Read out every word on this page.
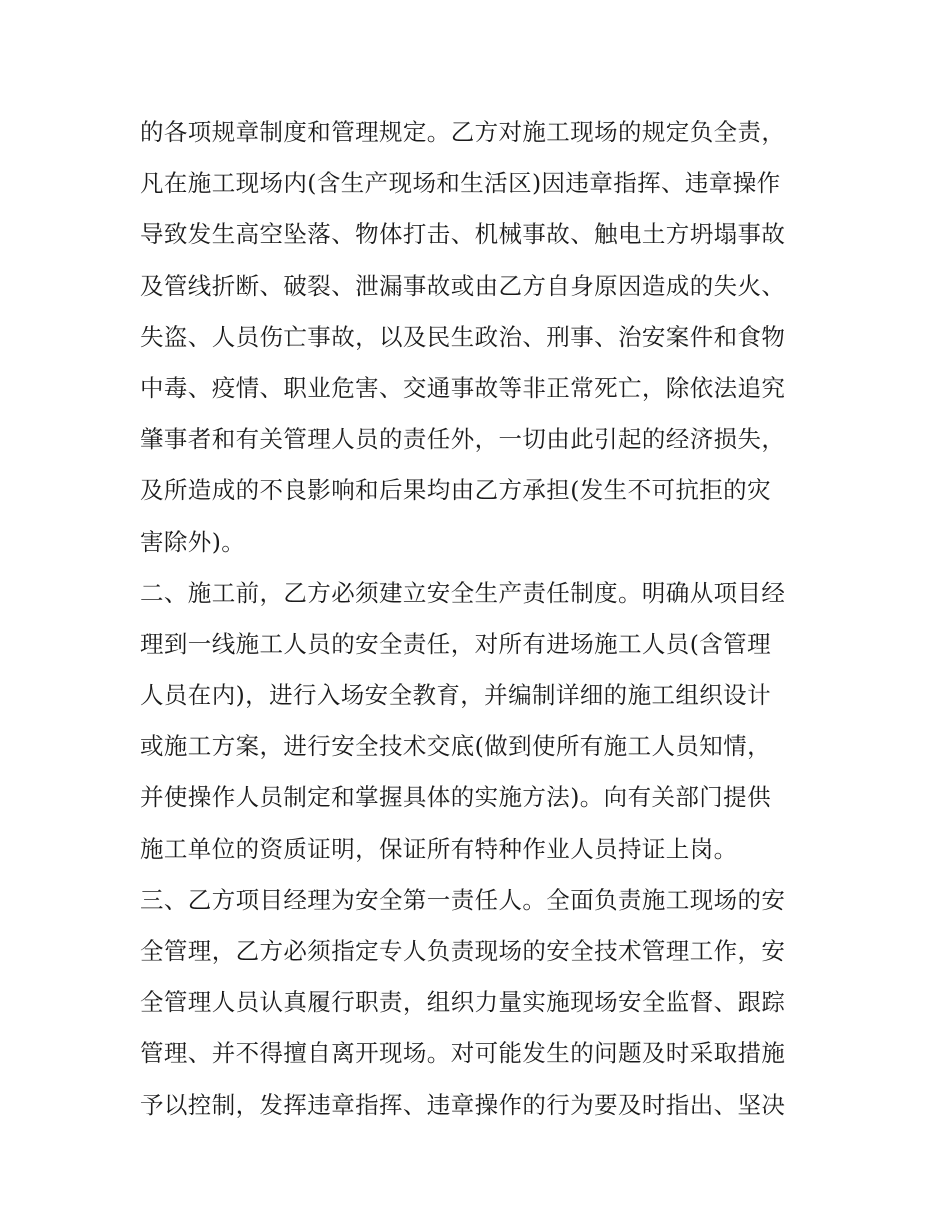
的各项规章制度和管理规定。乙方对施工现场的规定负全责，
凡在施工现场内(含生产现场和生活区)因违章指挥、违章操作
导致发生高空坠落、物体打击、机械事故、触电土方坍塌事故
及管线折断、破裂、泄漏事故或由乙方自身原因造成的失火、
失盗、人员伤亡事故，以及民生政治、刑事、治安案件和食物
中毒、疫情、职业危害、交通事故等非正常死亡，除依法追究
肇事者和有关管理人员的责任外，一切由此引起的经济损失，
及所造成的不良影响和后果均由乙方承担(发生不可抗拒的灾
害除外)。
二、施工前，乙方必须建立安全生产责任制度。明确从项目经
理到一线施工人员的安全责任，对所有进场施工人员(含管理
人员在内)，进行入场安全教育，并编制详细的施工组织设计
或施工方案，进行安全技术交底(做到使所有施工人员知情，
并使操作人员制定和掌握具体的实施方法)。向有关部门提供
施工单位的资质证明，保证所有特种作业人员持证上岗。
三、乙方项目经理为安全第一责任人。全面负责施工现场的安
全管理，乙方必须指定专人负责现场的安全技术管理工作，安
全管理人员认真履行职责，组织力量实施现场安全监督、跟踪
管理、并不得擅自离开现场。对可能发生的问题及时采取措施
予以控制，发挥违章指挥、违章操作的行为要及时指出、坚决
